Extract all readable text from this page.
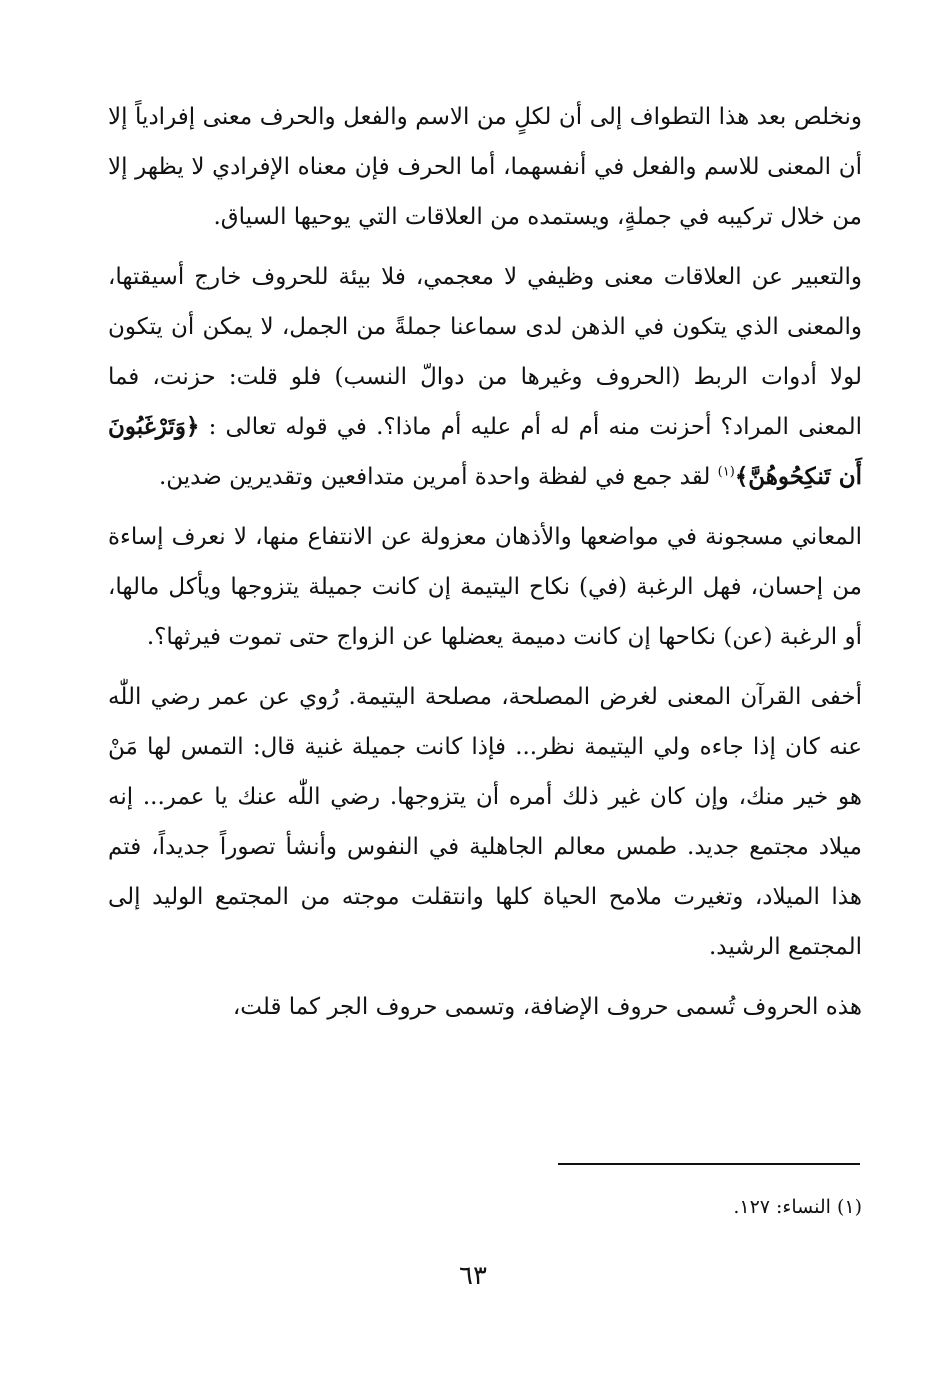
ونخلص بعد هذا التطواف إلى أن لكلٍ من الاسم والفعل والحرف معنى إفرادياً إلا أن المعنى للاسم والفعل في أنفسهما، أما الحرف فإن معناه الإفرادي لا يظهر إلا من خلال تركيبه في جملةٍ، ويستمده من العلاقات التي يوحيها السياق.

والتعبير عن العلاقات معنى وظيفي لا معجمي، فلا بيئة للحروف خارج أسيقتها، والمعنى الذي يتكون في الذهن لدى سماعنا جملةً من الجمل، لا يمكن أن يتكون لولا أدوات الربط (الحروف وغيرها من دوالّ النسب) فلو قلت: حزنت، فما المعنى المراد؟ أحزنت منه أم له أم عليه أم ماذا؟. في قوله تعالى : ﴿وَتَرْغَبُونَ أَن تَنكِحُوهُنَّ﴾$^{(١)}$ لقد جمع في لفظة واحدة أمرين متدافعين وتقديرين ضدين.

المعاني مسجونة في مواضعها والأذهان معزولة عن الانتفاع منها، لا نعرف إساءة من إحسان، فهل الرغبة (في) نكاح اليتيمة إن كانت جميلة يتزوجها ويأكل مالها، أو الرغبة (عن) نكاحها إن كانت دميمة يعضلها عن الزواج حتى تموت فيرثها؟.

أخفى القرآن المعنى لغرض المصلحة، مصلحة اليتيمة. رُوي عن عمر رضي اللّٰه عنه كان إذا جاءه ولي اليتيمة نظر... فإذا كانت جميلة غنية قال: التمس لها مَنْ هو خير منك، وإن كان غير ذلك أمره أن يتزوجها. رضي اللّٰه عنك يا عمر... إنه ميلاد مجتمع جديد. طمس معالم الجاهلية في النفوس وأنشأ تصوراً جديداً، فتم هذا الميلاد، وتغيرت ملامح الحياة كلها وانتقلت موجته من المجتمع الوليد إلى المجتمع الرشيد.

هذه الحروف تُسمى حروف الإضافة، وتسمى حروف الجر كما قلت،

(١) النساء: ١٢٧.
٦٣
